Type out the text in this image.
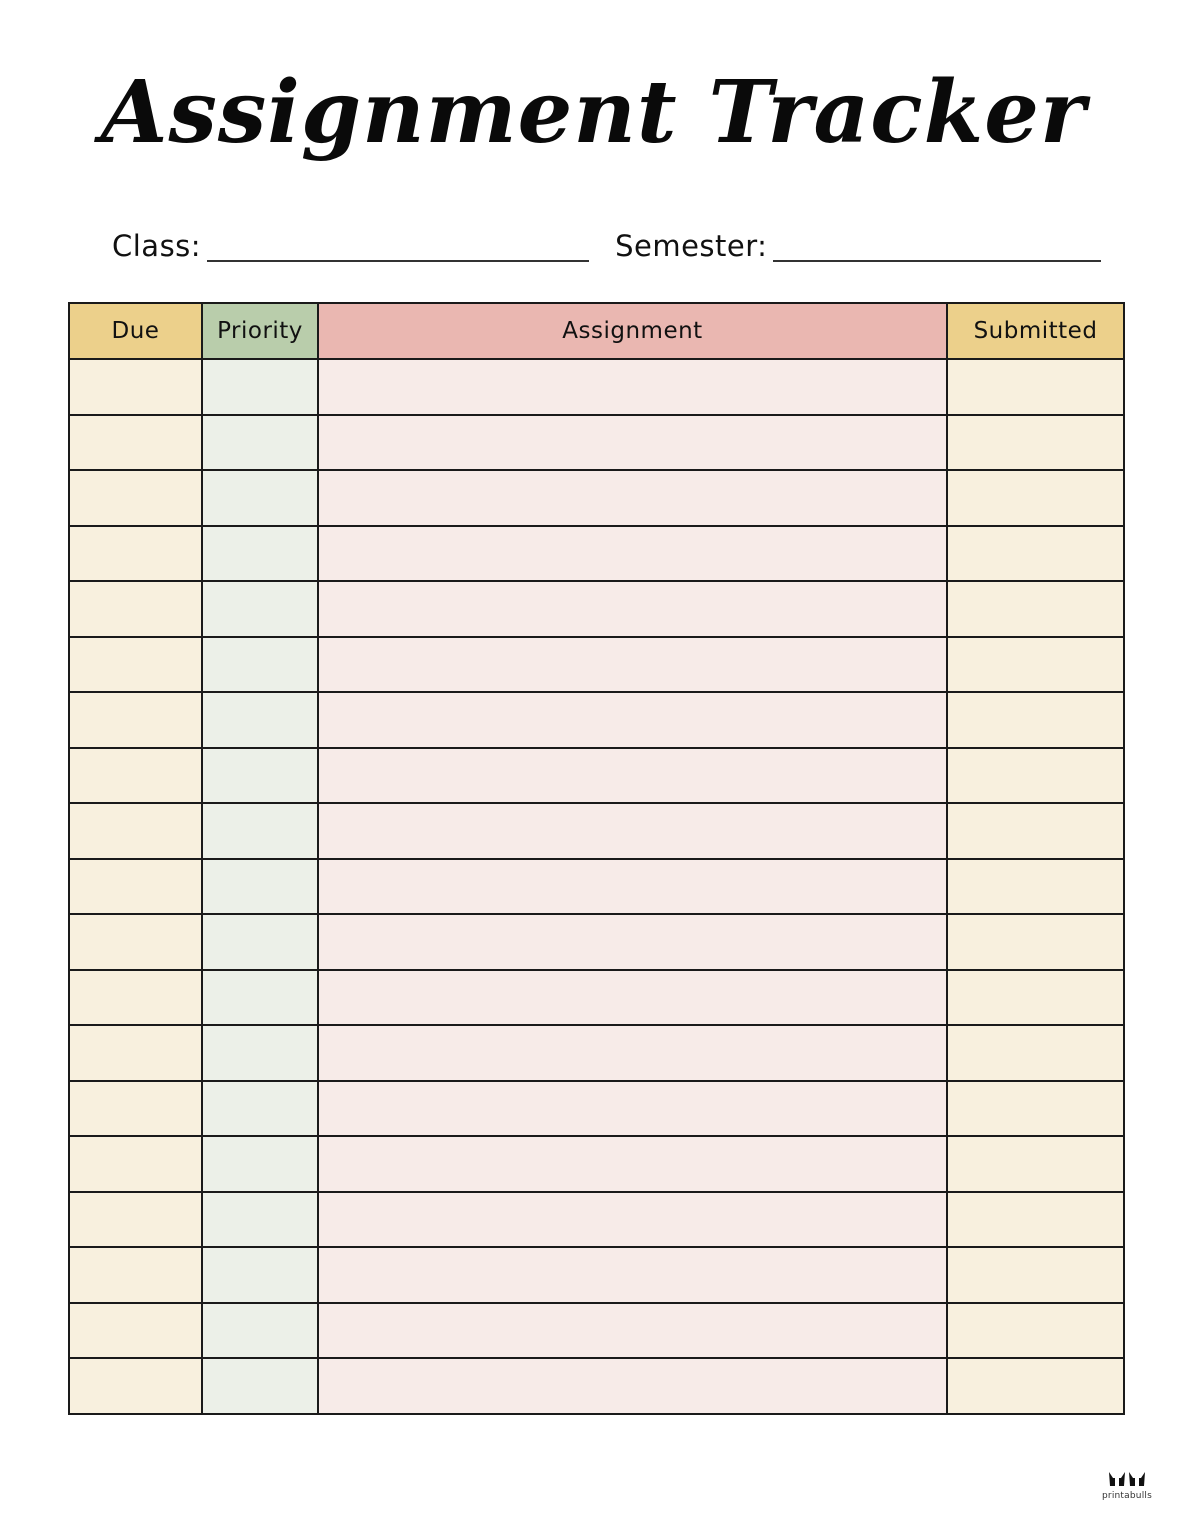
Assignment Tracker
Class:	Semester:
Due	Priority	Assignment	Submitted

printabulls
